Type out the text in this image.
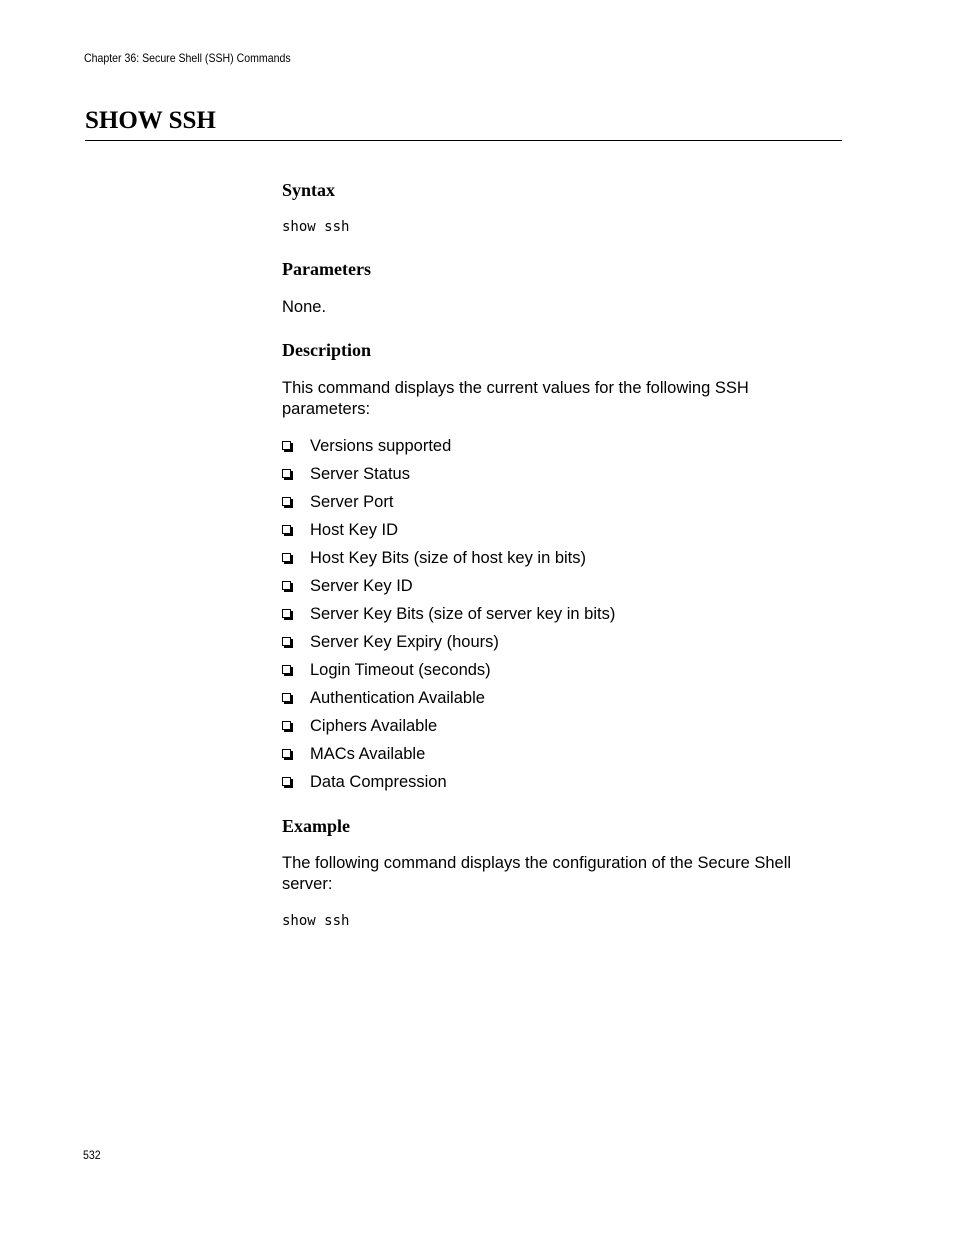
Chapter 36: Secure Shell (SSH) Commands
SHOW SSH
Syntax
show ssh
Parameters
None.
Description
This command displays the current values for the following SSH parameters:
Versions supported
Server Status
Server Port
Host Key ID
Host Key Bits (size of host key in bits)
Server Key ID
Server Key Bits (size of server key in bits)
Server Key Expiry (hours)
Login Timeout (seconds)
Authentication Available
Ciphers Available
MACs Available
Data Compression
Example
The following command displays the configuration of the Secure Shell server:
show ssh
532
